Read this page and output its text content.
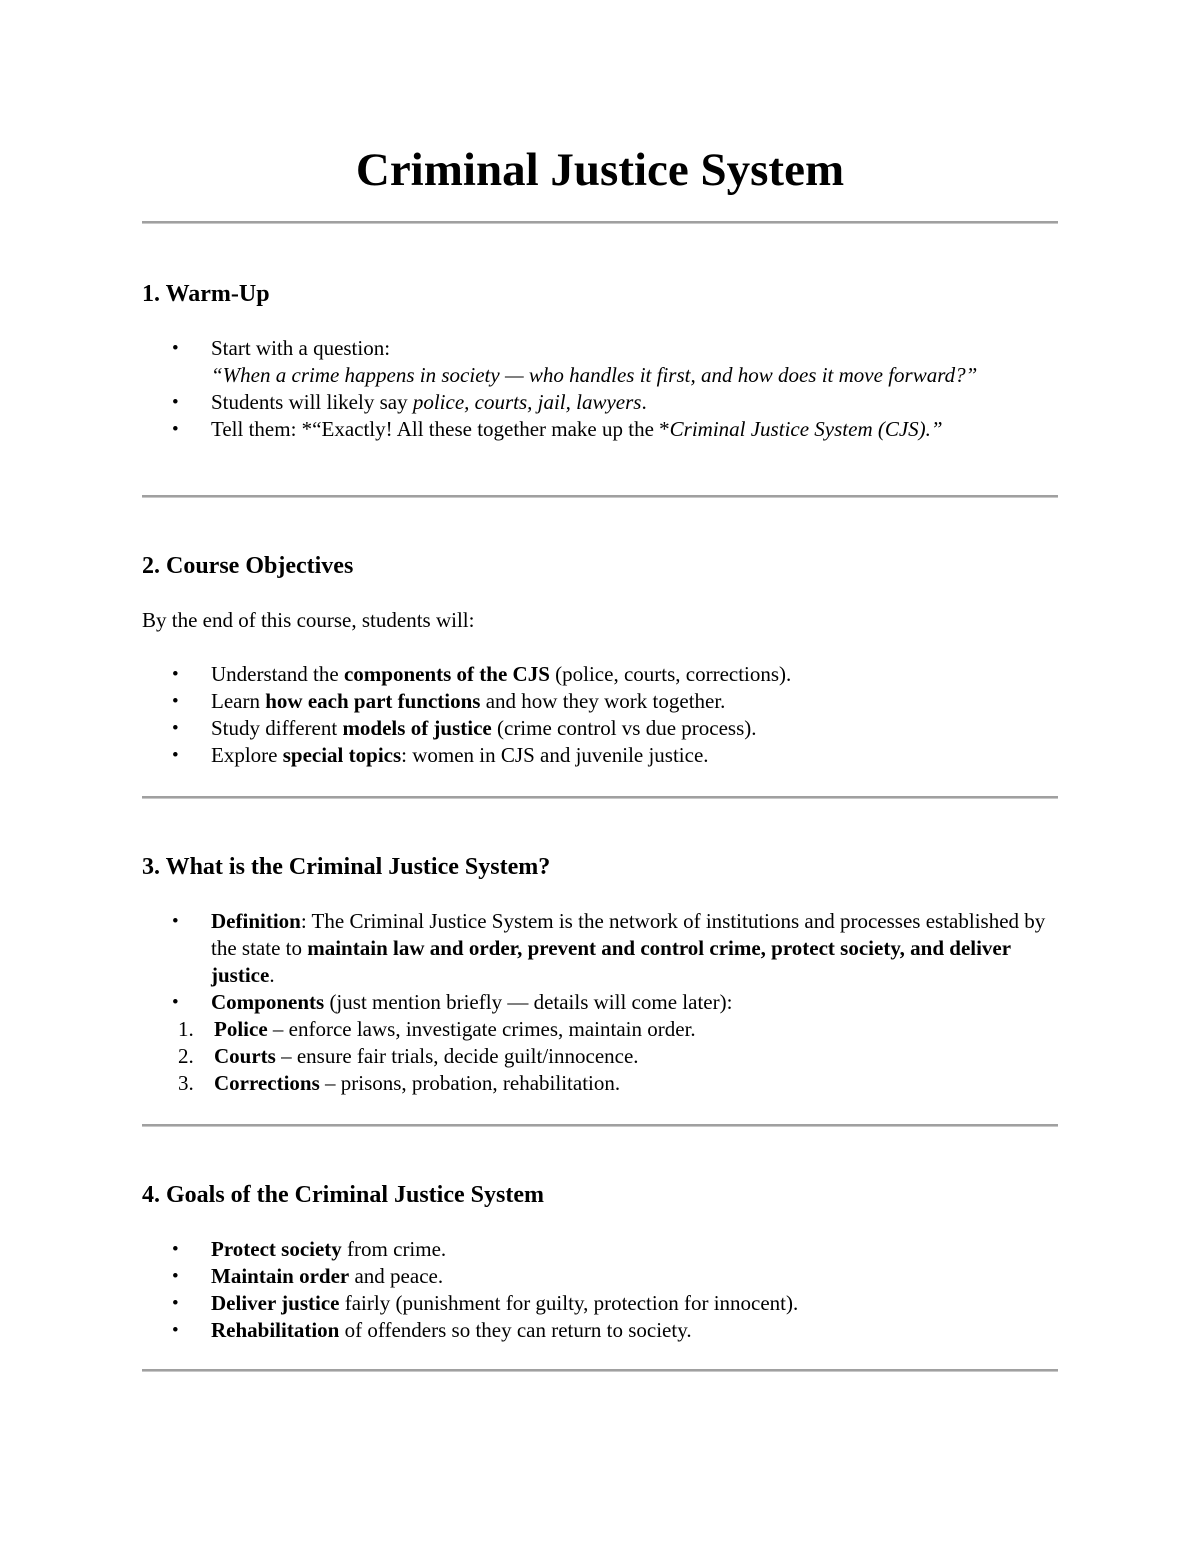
Criminal Justice System
1. Warm-Up
• Start with a question:
“When a crime happens in society — who handles it first, and how does it move forward?”
• Students will likely say police, courts, jail, lawyers.
• Tell them: *“Exactly! All these together make up the *Criminal Justice System (CJS).”
2. Course Objectives

By the end of this course, students will:

• Understand the components of the CJS (police, courts, corrections).
• Learn how each part functions and how they work together.
• Study different models of justice (crime control vs due process).
• Explore special topics: women in CJS and juvenile justice.
3. What is the Criminal Justice System?
• Definition: The Criminal Justice System is the network of institutions and processes established by the state to maintain law and order, prevent and control crime, protect society, and deliver justice.
• Components (just mention briefly — details will come later):
1. Police – enforce laws, investigate crimes, maintain order.
2. Courts – ensure fair trials, decide guilt/innocence.
3. Corrections – prisons, probation, rehabilitation.
4. Goals of the Criminal Justice System
• Protect society from crime.
• Maintain order and peace.
• Deliver justice fairly (punishment for guilty, protection for innocent).
• Rehabilitation of offenders so they can return to society.
